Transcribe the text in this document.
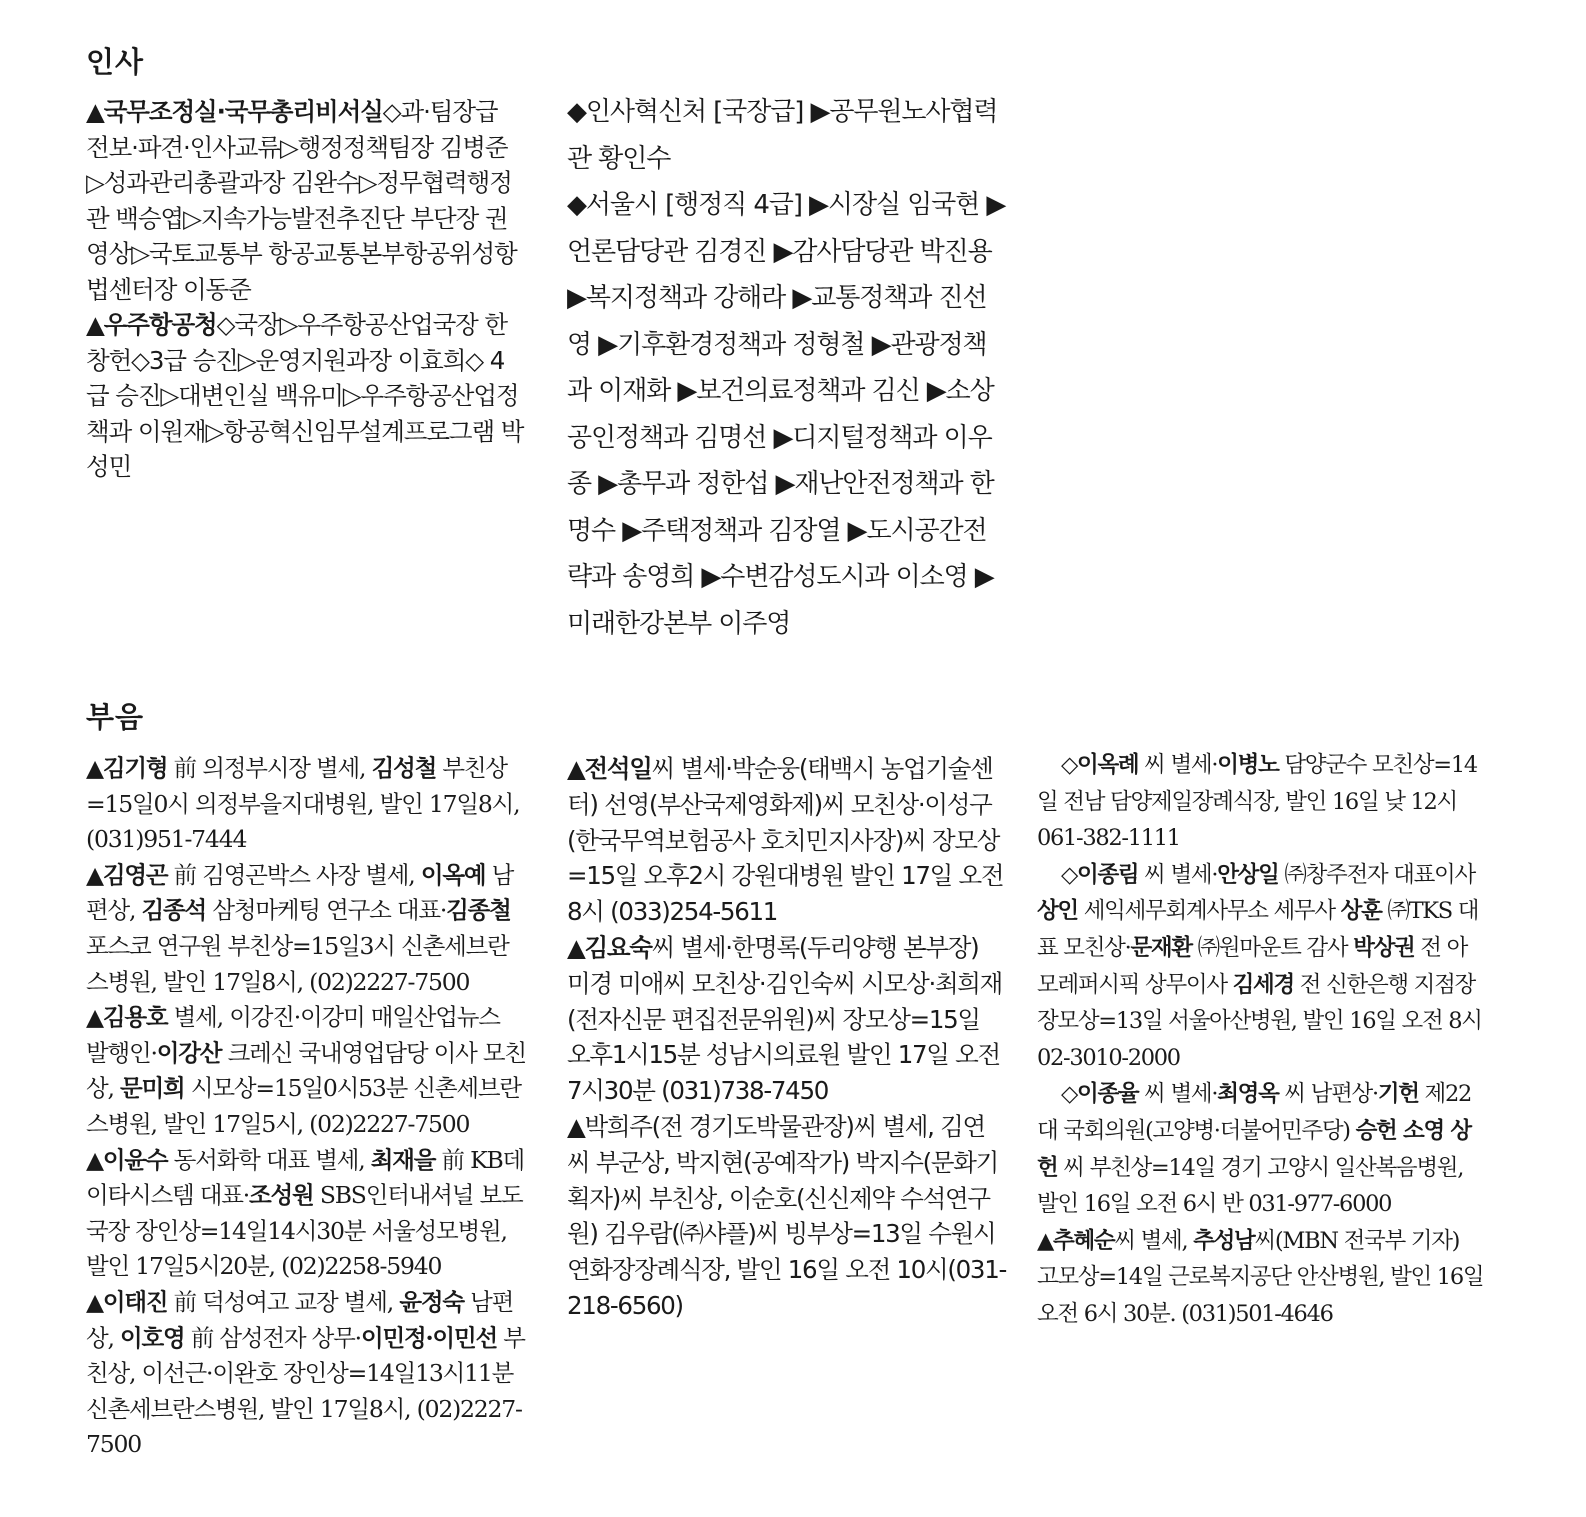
인사

▲국무조정실·국무총리비서실◇과·팀장급 전보·파견·인사교류▷행정정책팀장 김병준 ▷성과관리총괄과장 김완수▷정무협력행정관 백승엽▷지속가능발전추진단 부단장 권영상▷국토교통부 항공교통본부항공위성항법센터장 이동준

▲우주항공청◇국장▷우주항공산업국장 한창헌◇3급 승진▷운영지원과장 이효희◇ 4급 승진▷대변인실 백유미▷우주항공산업정책과 이원재▷항공혁신임무설계프로그램 박성민

◆인사혁신처 [국장급] ▶공무원노사협력관 황인수

◆서울시 [행정직 4급] ▶시장실 임국현 ▶언론담당관 김경진 ▶감사담당관 박진용 ▶복지정책과 강해라 ▶교통정책과 진선영 ▶기후환경정책과 정형철 ▶관광정책과 이재화 ▶보건의료정책과 김신 ▶소상공인정책과 김명선 ▶디지털정책과 이우종 ▶총무과 정한섭 ▶재난안전정책과 한명수 ▶주택정책과 김장열 ▶도시공간전략과 송영희 ▶수변감성도시과 이소영 ▶미래한강본부 이주영

부음

▲김기형 前 의정부시장 별세, 김성철 부친상=15일0시 의정부을지대병원, 발인 17일8시, (031)951-7444

▲김영곤 前 김영곤박스 사장 별세, 이옥예 남편상, 김종석 삼청마케팅 연구소 대표·김종철 포스코 연구원 부친상=15일3시 신촌세브란스병원, 발인 17일8시, (02)2227-7500

▲김용호 별세, 이강진·이강미 매일산업뉴스 발행인·이강산 크레신 국내영업담당 이사 모친상, 문미희 시모상=15일0시53분 신촌세브란스병원, 발인 17일5시, (02)2227-7500

▲이윤수 동서화학 대표 별세, 최재을 前 KB데이타시스템 대표·조성원 SBS인터내셔널 보도국장 장인상=14일14시30분 서울성모병원, 발인 17일5시20분, (02)2258-5940

▲이태진 前 덕성여고 교장 별세, 윤정숙 남편상, 이호영 前 삼성전자 상무·이민정·이민선 부친상, 이선근·이완호 장인상=14일13시11분 신촌세브란스병원, 발인 17일8시, (02)2227-7500

▲전석일씨 별세·박순웅(태백시 농업기술센터) 선영(부산국제영화제)씨 모친상·이성구(한국무역보험공사 호치민지사장)씨 장모상=15일 오후2시 강원대병원 발인 17일 오전8시 (033)254-5611

▲김요숙씨 별세·한명록(두리양행 본부장) 미경 미애씨 모친상·김인숙씨 시모상·최희재(전자신문 편집전문위원)씨 장모상=15일 오후1시15분 성남시의료원 발인 17일 오전7시30분 (031)738-7450

▲박희주(전 경기도박물관장)씨 별세, 김연씨 부군상, 박지현(공예작가) 박지수(문화기획자)씨 부친상, 이순호(신신제약 수석연구원) 김우람(㈜샤플)씨 빙부상=13일 수원시연화장장례식장, 발인 16일 오전 10시(031-218-6560)

◇이옥례 씨 별세·이병노 담양군수 모친상=14일 전남 담양제일장례식장, 발인 16일 낮 12시 061-382-1111

◇이종림 씨 별세·안상일 ㈜창주전자 대표이사 상인 세익세무회계사무소 세무사 상훈 ㈜TKS 대표 모친상·문재환 ㈜원마운트 감사 박상권 전 아모레퍼시픽 상무이사 김세경 전 신한은행 지점장 장모상=13일 서울아산병원, 발인 16일 오전 8시 02-3010-2000

◇이종율 씨 별세·최영옥 씨 남편상·기헌 제22대 국회의원(고양병·더불어민주당) 승헌 소영 상헌 씨 부친상=14일 경기 고양시 일산복음병원, 발인 16일 오전 6시 반 031-977-6000

▲추혜순씨 별세, 추성남씨(MBN 전국부 기자) 고모상=14일 근로복지공단 안산병원, 발인 16일 오전 6시 30분. (031)501-4646
